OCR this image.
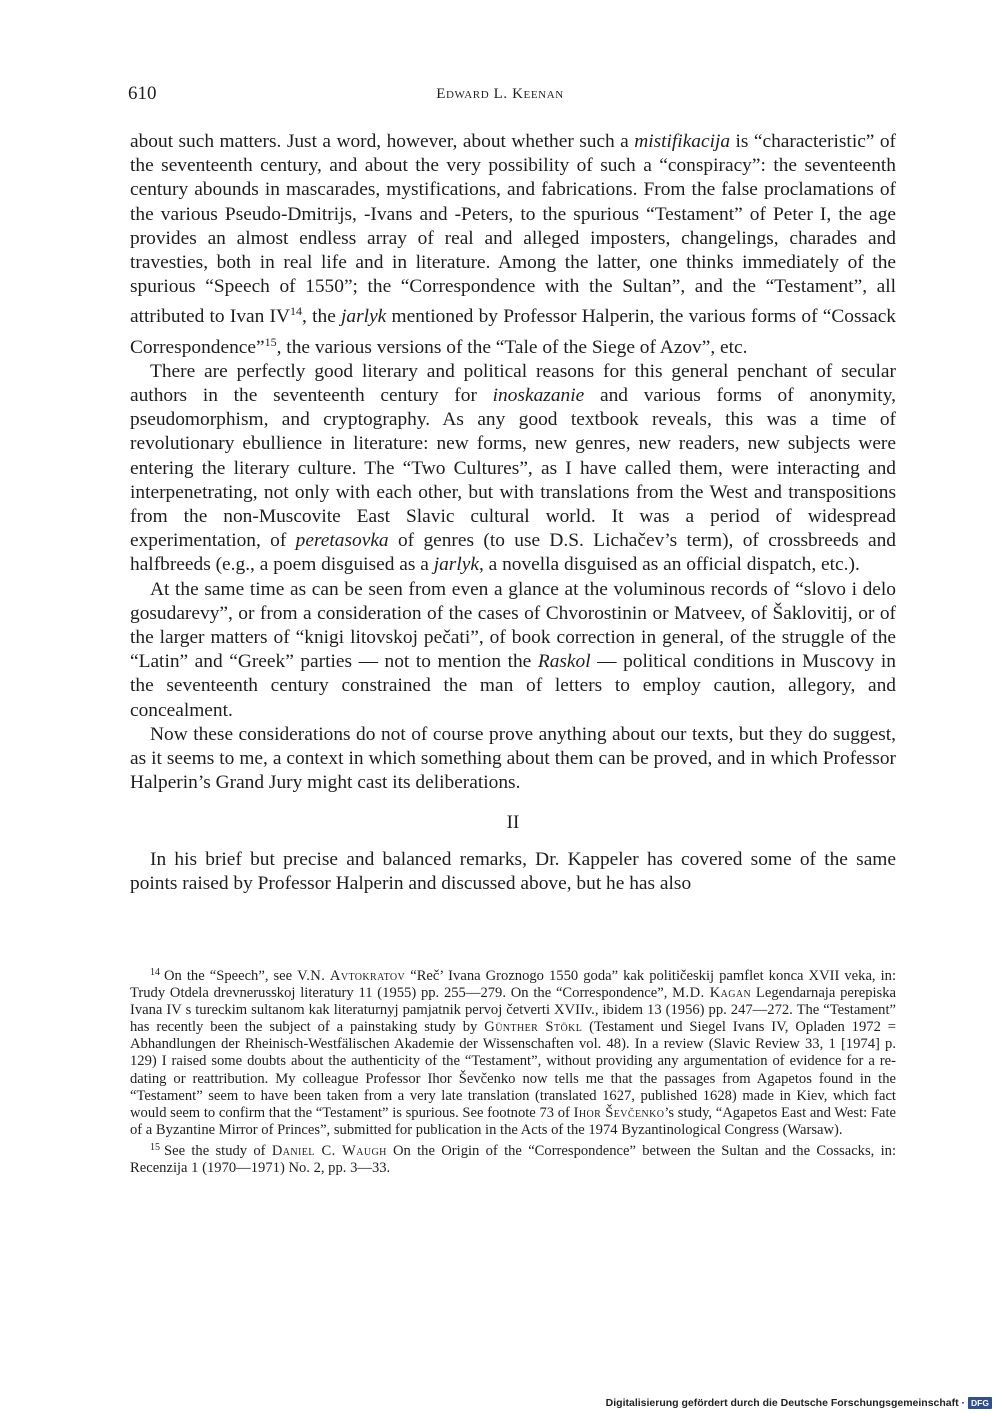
610	Edward L. Keenan

about such matters. Just a word, however, about whether such a mistifikacija is “characteristic” of the seventeenth century, and about the very possibility of such a “conspiracy”: the seventeenth century abounds in mascarades, mystifications, and fabrications. From the false proclamations of the various Pseudo-Dmitrijs, -Ivans and -Peters, to the spurious “Testament” of Peter I, the age provides an almost endless array of real and alleged imposters, changelings, charades and travesties, both in real life and in literature. Among the latter, one thinks immediately of the spurious “Speech of 1550”; the “Correspondence with the Sultan”, and the “Testament”, all attributed to Ivan IV$^{14}$, the jarlyk mentioned by Professor Halperin, the various forms of “Cossack Correspondence”$^{15}$, the various versions of the “Tale of the Siege of Azov”, etc.

There are perfectly good literary and political reasons for this general penchant of secular authors in the seventeenth century for inoskazanie and various forms of anonymity, pseudomorphism, and cryptography. As any good textbook reveals, this was a time of revolutionary ebullience in literature: new forms, new genres, new readers, new subjects were entering the literary culture. The “Two Cultures”, as I have called them, were interacting and interpenetrating, not only with each other, but with translations from the West and transpositions from the non-Muscovite East Slavic cultural world. It was a period of widespread experimentation, of peretasovka of genres (to use D.S. Lichačev’s term), of crossbreeds and halfbreeds (e.g., a poem disguised as a jarlyk, a novella disguised as an official dispatch, etc.).

At the same time as can be seen from even a glance at the voluminous records of “slovo i delo gosudarevy”, or from a consideration of the cases of Chvorostinin or Matveev, of Šaklovitij, or of the larger matters of “knigi litovskoj pečati”, of book correction in general, of the struggle of the “Latin” and “Greek” parties — not to mention the Raskol — political conditions in Muscovy in the seventeenth century constrained the man of letters to employ caution, allegory, and concealment.

Now these considerations do not of course prove anything about our texts, but they do suggest, as it seems to me, a context in which something about them can be proved, and in which Professor Halperin’s Grand Jury might cast its deliberations.

II

In his brief but precise and balanced remarks, Dr. Kappeler has covered some of the same points raised by Professor Halperin and discussed above, but he has also

$^{14}$ On the “Speech”, see V.N. Avtokratov “Reč’ Ivana Groznogo 1550 goda” kak političeskij pamflet konca XVII veka, in: Trudy Otdela drevnerusskoj literatury 11 (1955) pp. 255—279. On the “Correspondence”, M.D. Kagan Legendarnaja perepiska Ivana IV s tureckim sultanom kak literaturnyj pamjatnik pervoj četverti XVIIv., ibidem 13 (1956) pp. 247—272. The “Testament” has recently been the subject of a painstaking study by Günther Stökl (Testament und Siegel Ivans IV, Opladen 1972 = Abhandlungen der Rheinisch-Westfälischen Akademie der Wissenschaften vol. 48). In a review (Slavic Review 33, 1 [1974] p. 129) I raised some doubts about the authenticity of the “Testament”, without providing any argumentation of evidence for a re-dating or reattribution. My colleague Professor Ihor Ševčenko now tells me that the passages from Agapetos found in the “Testament” seem to have been taken from a very late translation (translated 1627, published 1628) made in Kiev, which fact would seem to confirm that the “Testament” is spurious. See footnote 73 of Ihor Ševčenko’s study, “Agapetos East and West: Fate of a Byzantine Mirror of Princes”, submitted for publication in the Acts of the 1974 Byzantinological Congress (Warsaw).

$^{15}$ See the study of Daniel C. Waugh On the Origin of the “Correspondence” between the Sultan and the Cossacks, in: Recenzija 1 (1970—1971) No. 2, pp. 3—33.

Digitalisierung gefördert durch die Deutsche Forschungsgemeinschaft · DFG
